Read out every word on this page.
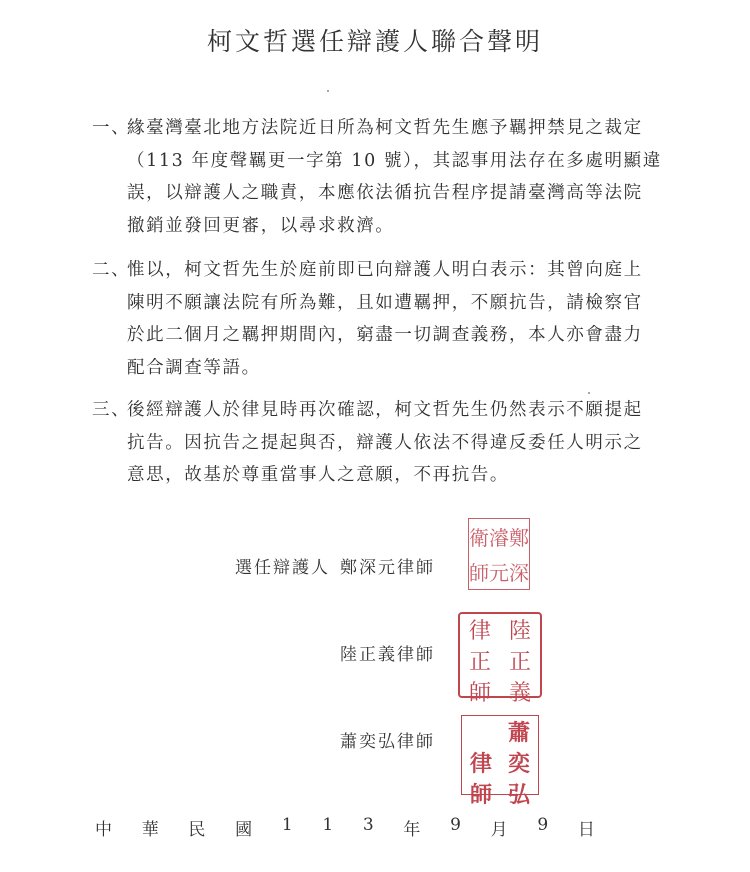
柯文哲選任辯護人聯合聲明
一、緣臺灣臺北地方法院近日所為柯文哲先生應予羈押禁見之裁定
（113 年度聲羈更一字第 10 號），其認事用法存在多處明顯違
誤，以辯護人之職責，本應依法循抗告程序提請臺灣高等法院
撤銷並發回更審，以尋求救濟。
二、惟以，柯文哲先生於庭前即已向辯護人明白表示：其曾向庭上
陳明不願讓法院有所為難，且如遭羈押，不願抗告，請檢察官
於此二個月之羈押期間內，窮盡一切調查義務，本人亦會盡力
配合調查等語。
三、後經辯護人於律見時再次確認，柯文哲先生仍然表示不願提起
抗告。因抗告之提起與否，辯護人依法不得違反委任人明示之
意思，故基於尊重當事人之意願，不再抗告。
選任辯護人 鄭深元律師
陸正義律師
蕭奕弘律師
衛 濬 鄭
師 元 深
律 陸
正 正
師 義
蕭
律 奕
師 弘
中 華 民 國 1 1 3 年 9 月 9 日
